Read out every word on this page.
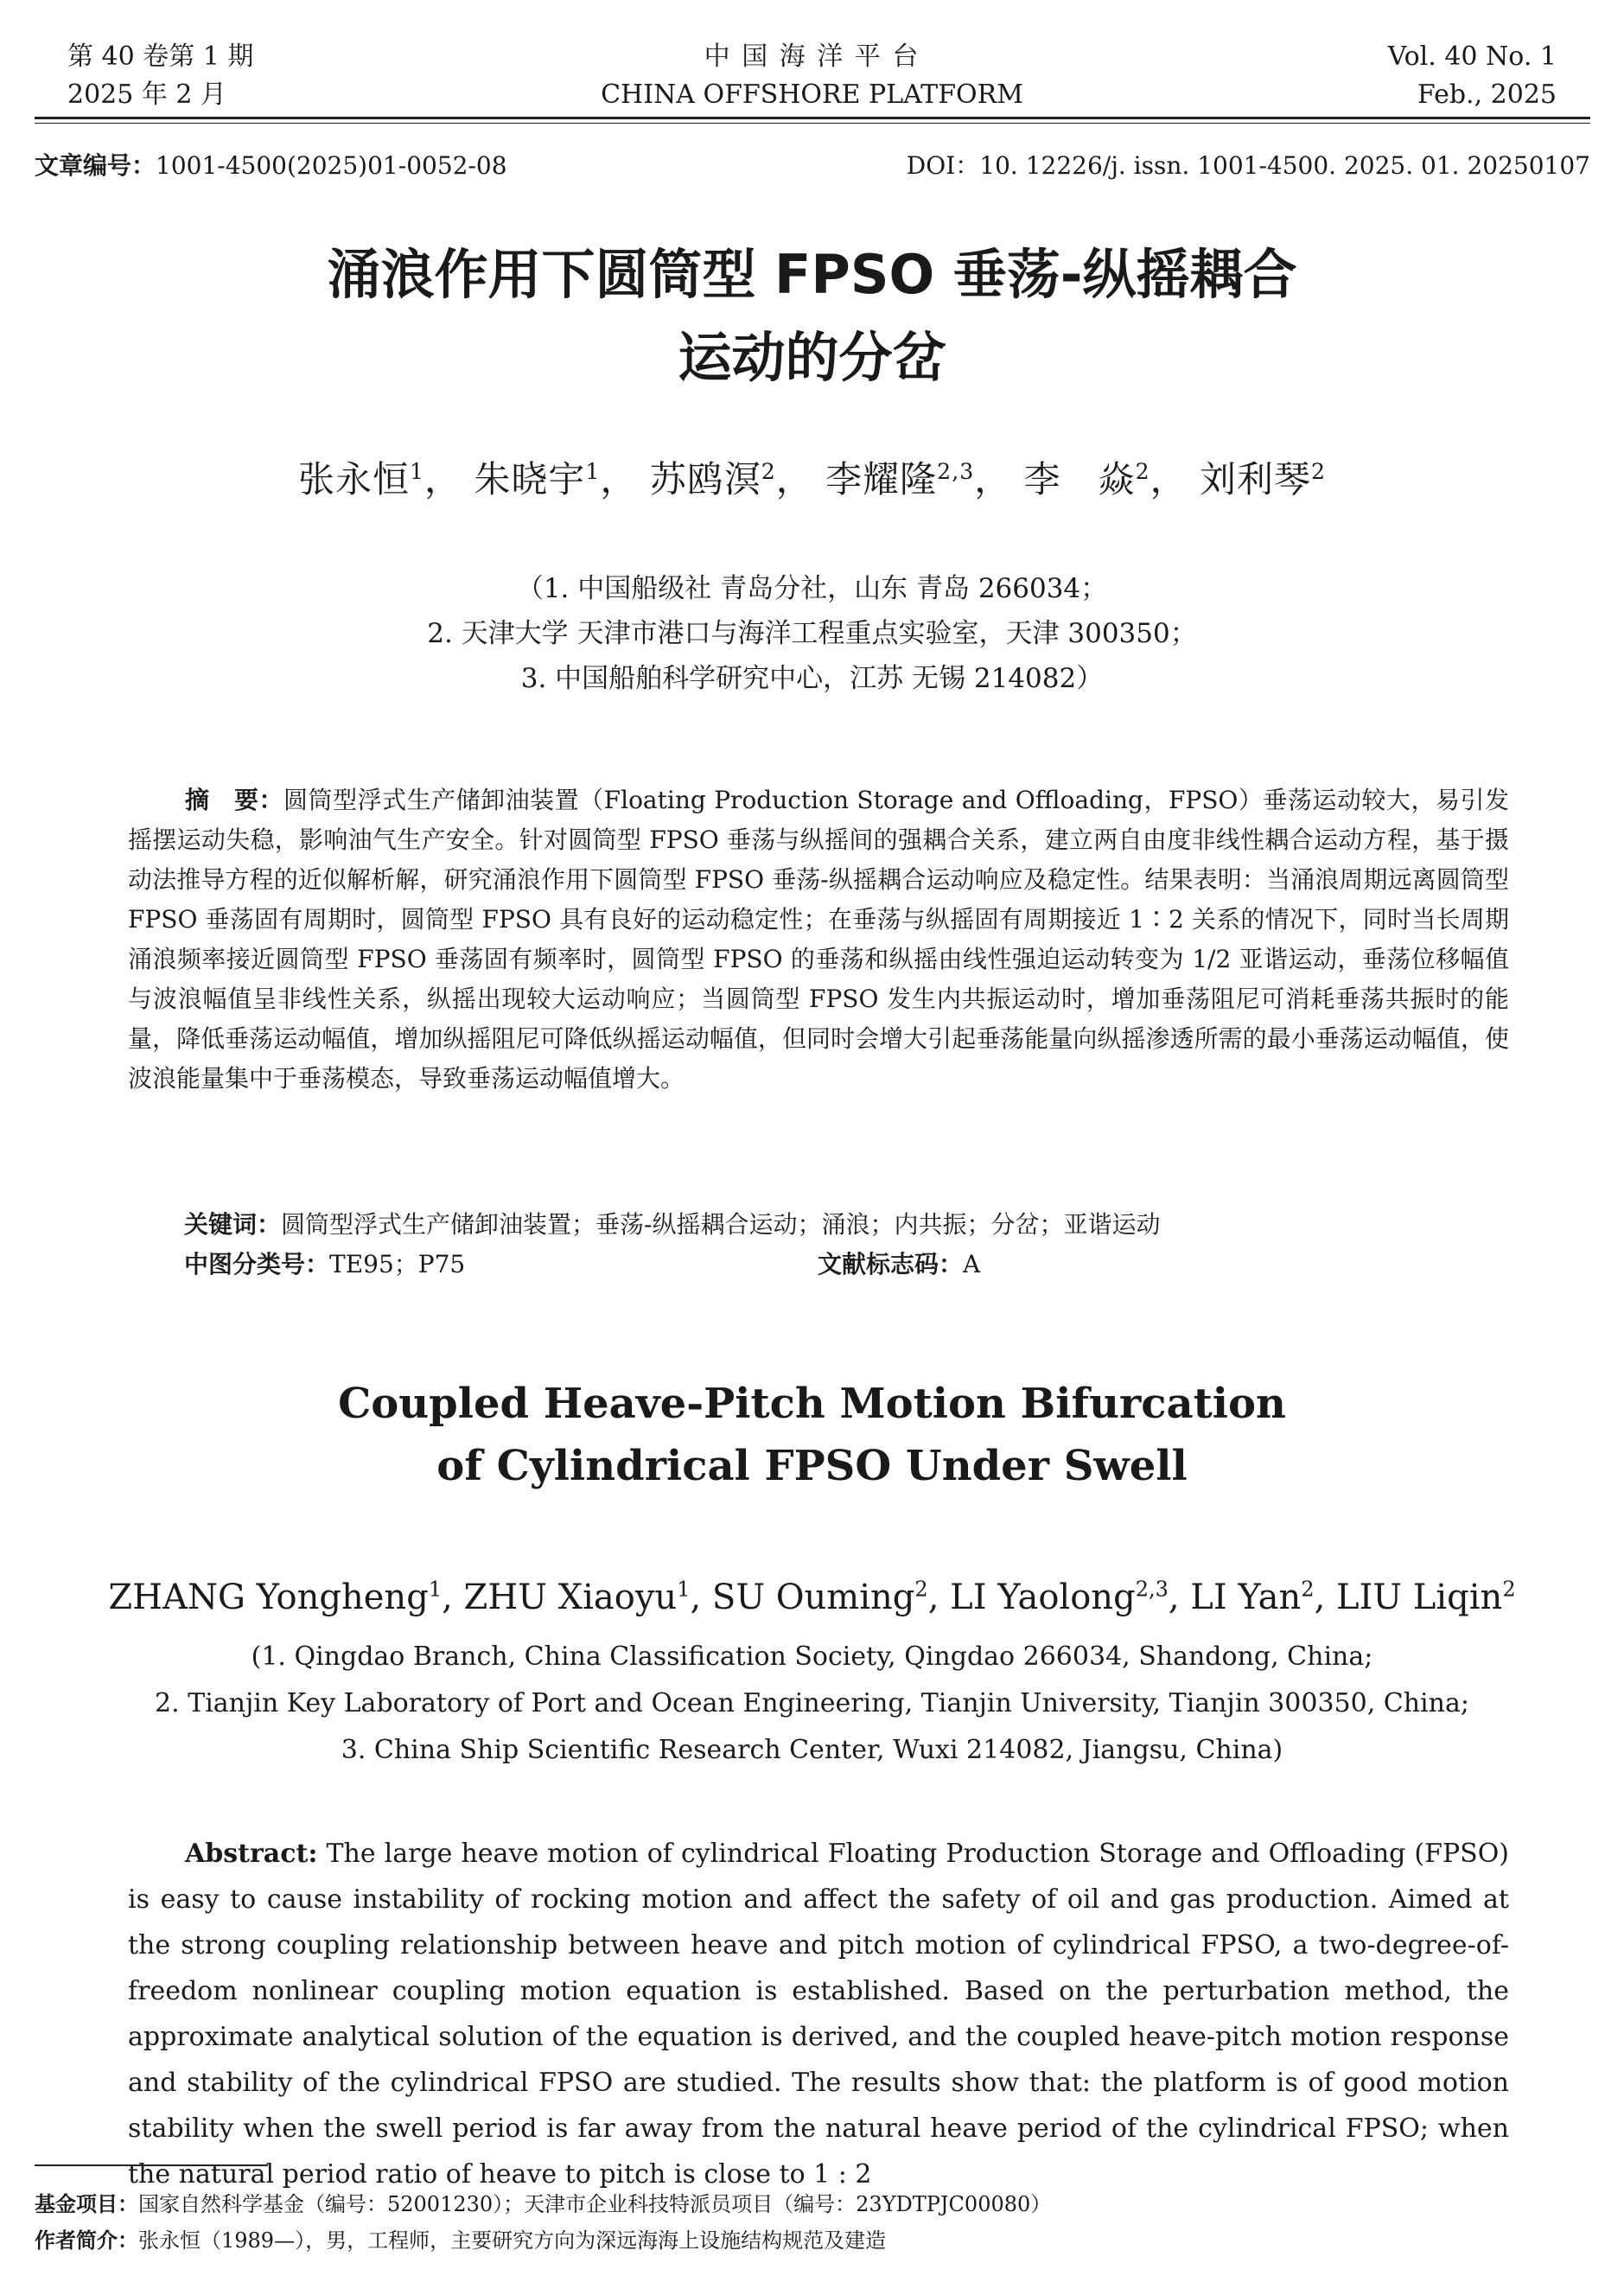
第 40 卷第 1 期
2025 年 2 月
中 国 海 洋 平 台
CHINA OFFSHORE PLATFORM
Vol. 40 No. 1
Feb., 2025
文章编号：1001-4500(2025)01-0052-08	DOI：10. 12226/j. issn. 1001-4500. 2025. 01. 20250107
涌浪作用下圆筒型 FPSO 垂荡-纵摇耦合
运动的分岔
张永恒$^1$， 朱晓宇$^1$， 苏鸥溟$^2$， 李耀隆$^{2,3}$， 李　焱$^2$， 刘利琴$^2$
（1. 中国船级社 青岛分社，山东 青岛 266034；
2. 天津大学 天津市港口与海洋工程重点实验室，天津 300350；
3. 中国船舶科学研究中心，江苏 无锡 214082）
摘　要：圆筒型浮式生产储卸油装置（Floating Production Storage and Offloading，FPSO）垂荡运动较大，易引发摇摆运动失稳，影响油气生产安全。针对圆筒型 FPSO 垂荡与纵摇间的强耦合关系，建立两自由度非线性耦合运动方程，基于摄动法推导方程的近似解析解，研究涌浪作用下圆筒型 FPSO 垂荡-纵摇耦合运动响应及稳定性。结果表明：当涌浪周期远离圆筒型 FPSO 垂荡固有周期时，圆筒型 FPSO 具有良好的运动稳定性；在垂荡与纵摇固有周期接近 1∶2 关系的情况下，同时当长周期涌浪频率接近圆筒型 FPSO 垂荡固有频率时，圆筒型 FPSO 的垂荡和纵摇由线性强迫运动转变为 1/2 亚谐运动，垂荡位移幅值与波浪幅值呈非线性关系，纵摇出现较大运动响应；当圆筒型 FPSO 发生内共振运动时，增加垂荡阻尼可消耗垂荡共振时的能量，降低垂荡运动幅值，增加纵摇阻尼可降低纵摇运动幅值，但同时会增大引起垂荡能量向纵摇渗透所需的最小垂荡运动幅值，使波浪能量集中于垂荡模态，导致垂荡运动幅值增大。
关键词：圆筒型浮式生产储卸油装置；垂荡-纵摇耦合运动；涌浪；内共振；分岔；亚谐运动
中图分类号：TE95；P75	文献标志码：A
Coupled Heave-Pitch Motion Bifurcation
of Cylindrical FPSO Under Swell
ZHANG Yongheng$^1$, ZHU Xiaoyu$^1$, SU Ouming$^2$, LI Yaolong$^{2,3}$, LI Yan$^2$, LIU Liqin$^2$
(1. Qingdao Branch, China Classification Society, Qingdao 266034, Shandong, China;
2. Tianjin Key Laboratory of Port and Ocean Engineering, Tianjin University, Tianjin 300350, China;
3. China Ship Scientific Research Center, Wuxi 214082, Jiangsu, China)
Abstract: The large heave motion of cylindrical Floating Production Storage and Offloading (FPSO) is easy to cause instability of rocking motion and affect the safety of oil and gas production. Aimed at the strong coupling relationship between heave and pitch motion of cylindrical FPSO, a two-degree-of-freedom nonlinear coupling motion equation is established. Based on the perturbation method, the approximate analytical solution of the equation is derived, and the coupled heave-pitch motion response and stability of the cylindrical FPSO are studied. The results show that: the platform is of good motion stability when the swell period is far away from the natural heave period of the cylindrical FPSO; when the natural period ratio of heave to pitch is close to 1 : 2
基金项目：国家自然科学基金（编号：52001230）；天津市企业科技特派员项目（编号：23YDTPJC00080）
作者简介：张永恒（1989—），男，工程师，主要研究方向为深远海海上设施结构规范及建造
